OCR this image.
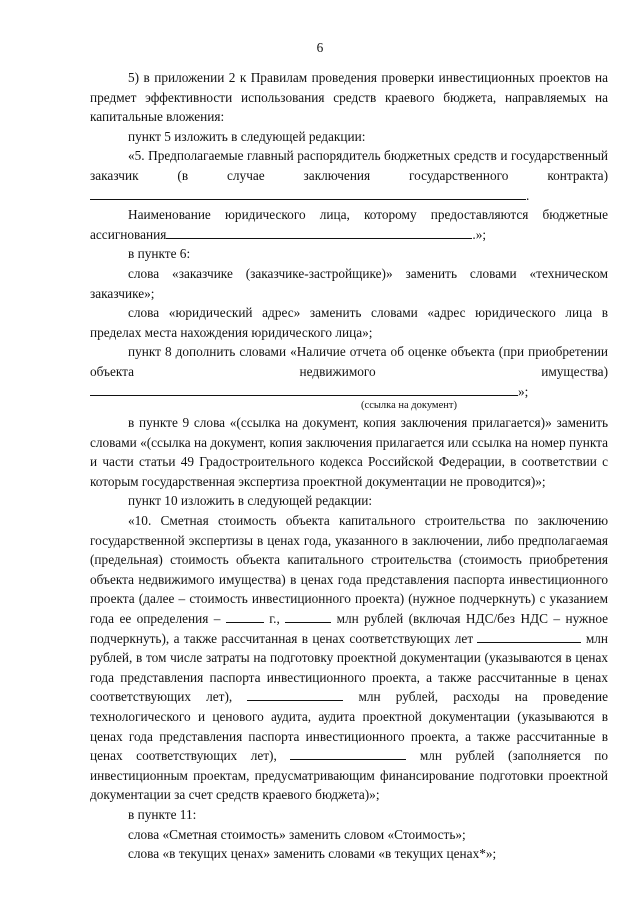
6

5) в приложении 2 к Правилам проведения проверки инвестиционных проектов на предмет эффективности использования средств краевого бюджета, направляемых на капитальные вложения:

пункт 5 изложить в следующей редакции:

«5. Предполагаемые главный распорядитель бюджетных средств и государственный заказчик (в случае заключения государственного	контракта).

Наименование юридического лица, которому предоставляются бюджетные ассигнования	.»;

в пункте 6:

слова «заказчике (заказчике-застройщике)» заменить словами «техническом заказчике»;

слова «юридический адрес» заменить словами «адрес юридического лица в пределах места нахождения юридического лица»;

пункт 8 дополнить словами «Наличие отчета об оценке объекта (при приобретении объекта недвижимого	имущества)»;

(ссылка на документ)

в пункте 9 слова «(ссылка на документ, копия заключения прилагается)» заменить словами «(ссылка на документ, копия заключения прилагается или ссылка на номер пункта и части статьи 49 Градостроительного кодекса Российской Федерации, в соответствии с которым государственная экспертиза проектной документации не проводится)»;

пункт 10 изложить в следующей редакции:

«10. Сметная стоимость объекта капитального строительства по заключению государственной экспертизы в ценах года, указанного в заключении, либо предполагаемая (предельная) стоимость объекта капитального строительства (стоимость приобретения объекта недвижимого имущества) в ценах года представления паспорта инвестиционного проекта (далее – стоимость инвестиционного проекта) (нужное подчеркнуть) с указанием года ее определения –	г.,	млн рублей (включая НДС/без НДС – нужное подчеркнуть), а также рассчитанная в ценах соответствующих лет	млн рублей, в том числе затраты на подготовку проектной документации (указываются в ценах года представления паспорта инвестиционного проекта, а также рассчитанные в ценах соответствующих лет),	млн рублей, расходы на проведение технологического и ценового аудита, аудита проектной документации (указываются в ценах года представления паспорта инвестиционного проекта, а также рассчитанные в ценах соответствующих лет),	млн рублей (заполняется по инвестиционным проектам, предусматривающим финансирование подготовки проектной документации за счет средств краевого бюджета)»;

в пункте 11:

слова «Сметная стоимость» заменить словом «Стоимость»;

слова «в текущих ценах» заменить словами «в текущих ценах*»;
